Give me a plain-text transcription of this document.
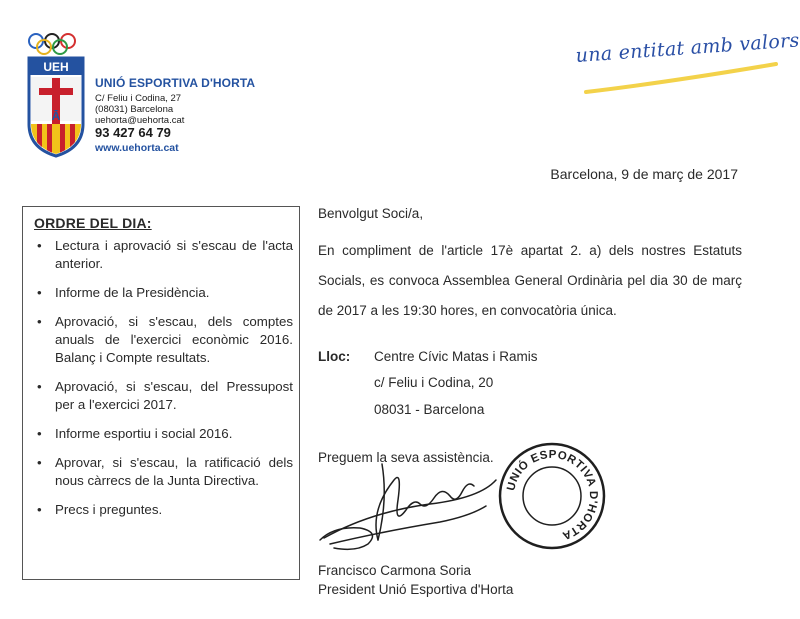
UEH
Ā
UNIÓ ESPORTIVA D'HORTA
C/ Feliu i Codina, 27
(08031) Barcelona
uehorta@uehorta.cat
93 427 64 79
www.uehorta.cat
una entitat amb valors
Barcelona, 9 de març de 2017
ORDRE DEL DIA:
• Lectura i aprovació si s'escau de l'acta anterior.
• Informe de la Presidència.
• Aprovació, si s'escau, dels comptes anuals de l'exercici econòmic 2016. Balanç i Compte resultats.
• Aprovació, si s'escau, del Pressupost per a l'exercici 2017.
• Informe esportiu i social 2016.
• Aprovar, si s'escau, la ratificació dels nous càrrecs de la Junta Directiva.
• Precs i preguntes.
Benvolgut Soci/a,
En compliment de l'article 17è apartat 2. a) dels nostres Estatuts Socials, es convoca Assemblea General Ordinària pel dia 30 de març de 2017 a les 19:30 hores, en convocatòria única.
Lloc: Centre Cívic Matas i Ramis
c/ Feliu i Codina, 20
08031 - Barcelona
Preguem la seva assistència.
UNIÓ ESPORTIVA D'HORTA
Francisco Carmona Soria
President Unió Esportiva d'Horta
